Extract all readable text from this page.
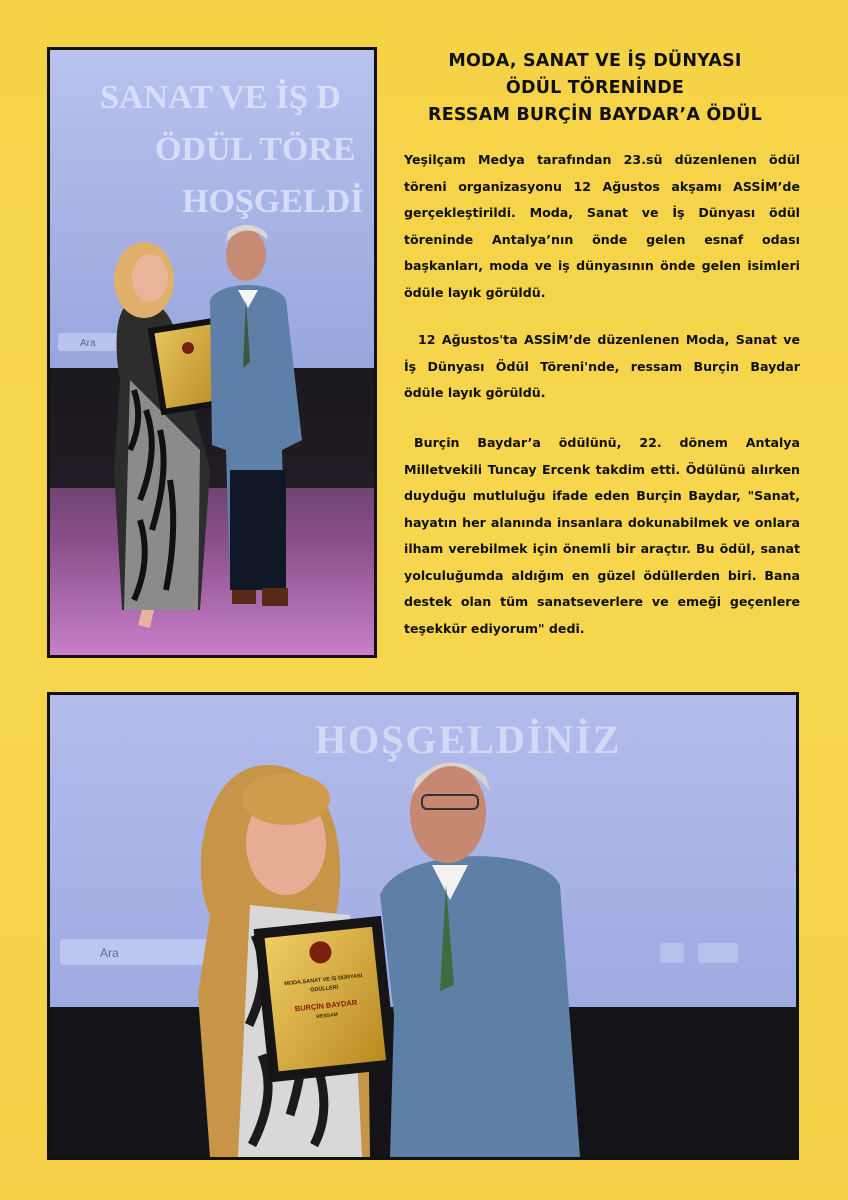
SANAT VE İŞ D
ÖDÜL TÖRE
HOŞGELDİ
Ara
MODA, SANAT VE İŞ DÜNYASI
ÖDÜL TÖRENİNDE
RESSAM BURÇİN BAYDAR’A ÖDÜL
Yeşilçam Medya tarafından 23.sü düzenlenen ödül töreni organizasyonu 12 Ağustos akşamı ASSİM’de gerçekleştirildi. Moda, Sanat ve İş Dünyası ödül töreninde Antalya’nın önde gelen esnaf odası başkanları, moda ve iş dünyasının önde gelen isimleri ödüle layık görüldü.
12 Ağustos'ta ASSİM’de düzenlenen Moda, Sanat ve İş Dünyası Ödül Töreni'nde, ressam Burçin Baydar ödüle layık görüldü.
Burçin Baydar’a ödülünü, 22. dönem Antalya Milletvekili Tuncay Ercenk takdim etti. Ödülünü alırken duyduğu mutluluğu ifade eden Burçin Baydar, "Sanat, hayatın her alanında insanlara dokunabilmek ve onlara ilham verebilmek için önemli bir araçtır. Bu ödül, sanat yolculuğumda aldığım en güzel ödüllerden biri. Bana destek olan tüm sanatseverlere ve emeği geçenlere teşekkür ediyorum" dedi.
HOŞGELDİNİZ
Ara
MODA,SANAT VE İŞ DÜNYASI
ÖDÜLLERİ
BURÇİN BAYDAR
RESSAM
